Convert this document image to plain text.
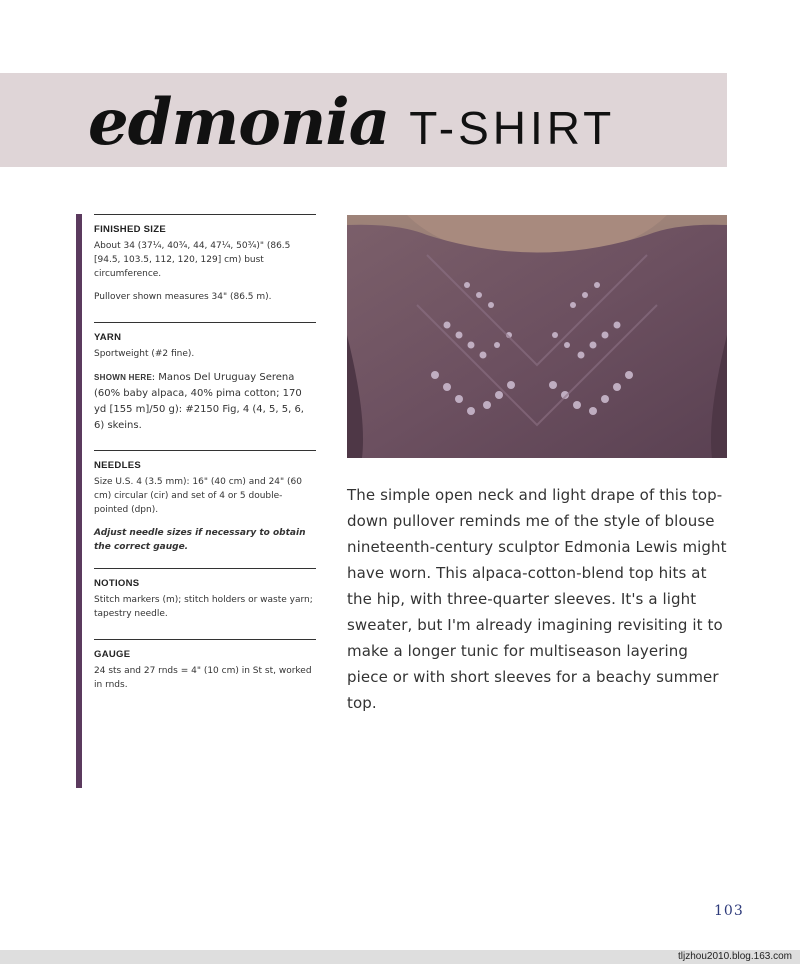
edmonia T-SHIRT
FINISHED SIZE

About 34 (37¼, 40¾, 44, 47¼, 50¾)" (86.5 [94.5, 103.5, 112, 120, 129] cm) bust circumference.

Pullover shown measures 34" (86.5 m).

YARN

Sportweight (#2 fine).

SHOWN HERE: Manos Del Uruguay Serena (60% baby alpaca, 40% pima cotton; 170 yd [155 m]/50 g): #2150 Fig, 4 (4, 5, 5, 6, 6) skeins.

NEEDLES

Size U.S. 4 (3.5 mm): 16" (40 cm) and 24" (60 cm) circular (cir) and set of 4 or 5 double-pointed (dpn).

Adjust needle sizes if necessary to obtain the correct gauge.

NOTIONS

Stitch markers (m); stitch holders or waste yarn; tapestry needle.

GAUGE

24 sts and 27 rnds = 4" (10 cm) in St st, worked in rnds.

The simple open neck and light drape of this top-down pullover reminds me of the style of blouse nineteenth-century sculptor Edmonia Lewis might have worn. This alpaca-cotton-blend top hits at the hip, with three-quarter sleeves. It's a light sweater, but I'm already imagining revisiting it to make a longer tunic for multiseason layering piece or with short sleeves for a beachy summer top.

103
tljzhou2010.blog.163.com
